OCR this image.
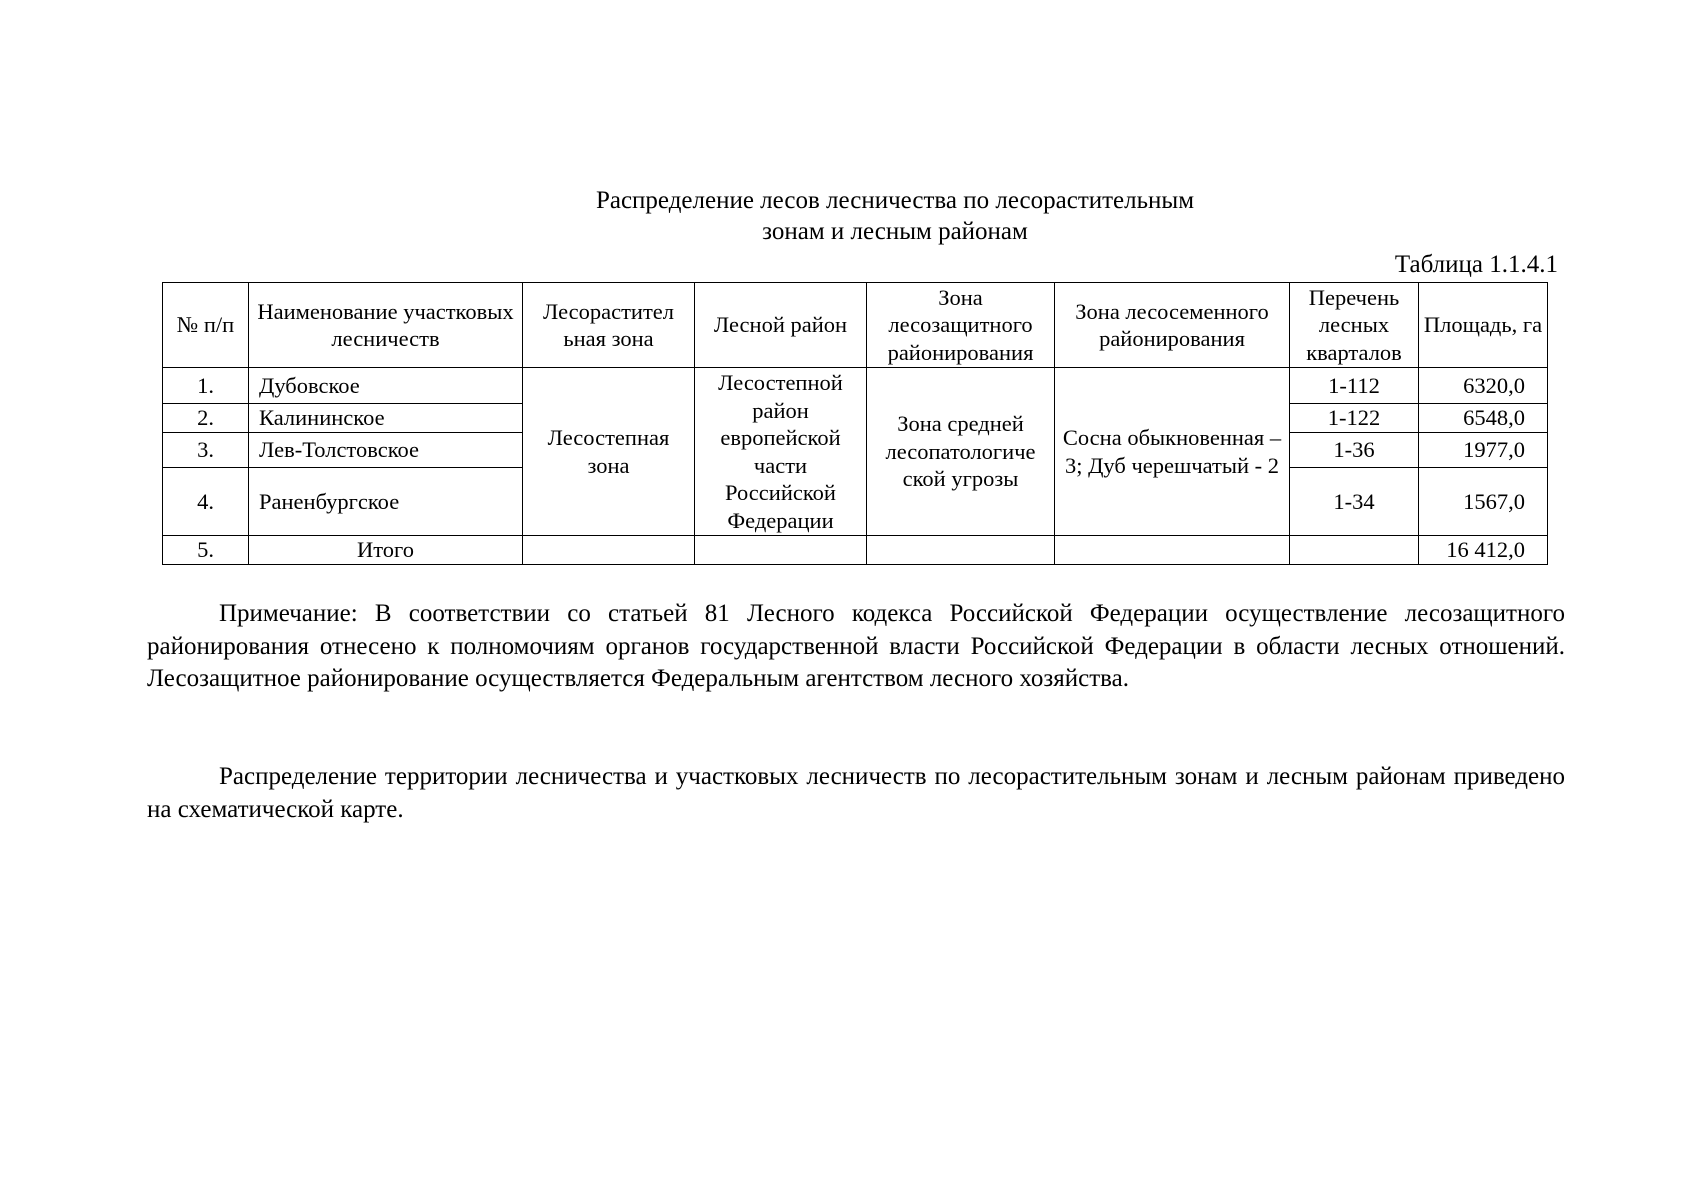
Распределение лесов лесничества по лесорастительным
зонам и лесным районам
Таблица 1.1.4.1
№ п/п	Наименование участковых лесничеств	Лесорастител ьная зона	Лесной район	Зона лесозащитного районирования	Зона лесосеменного районирования	Перечень лесных кварталов	Площадь, га
1.	Дубовское	Лесостепная зона	Лесостепной район европейской части Российской Федерации	Зона средней лесопатологиче ской угрозы	Сосна обыкновенная – 3; Дуб черешчатый - 2	1-112	6320,0
2.	Калининское					1-122	6548,0
3.	Лев-Толстовское					1-36	1977,0
4.	Раненбургское					1-34	1567,0
5.	Итого						16 412,0

Примечание: В соответствии со статьей 81 Лесного кодекса Российской Федерации осуществление лесозащитного районирования отнесено к полномочиям органов государственной власти Российской Федерации в области лесных отношений. Лесозащитное районирование осуществляется Федеральным агентством лесного хозяйства.

Распределение территории лесничества и участковых лесничеств по лесорастительным зонам и лесным районам приведено на схематической карте.
